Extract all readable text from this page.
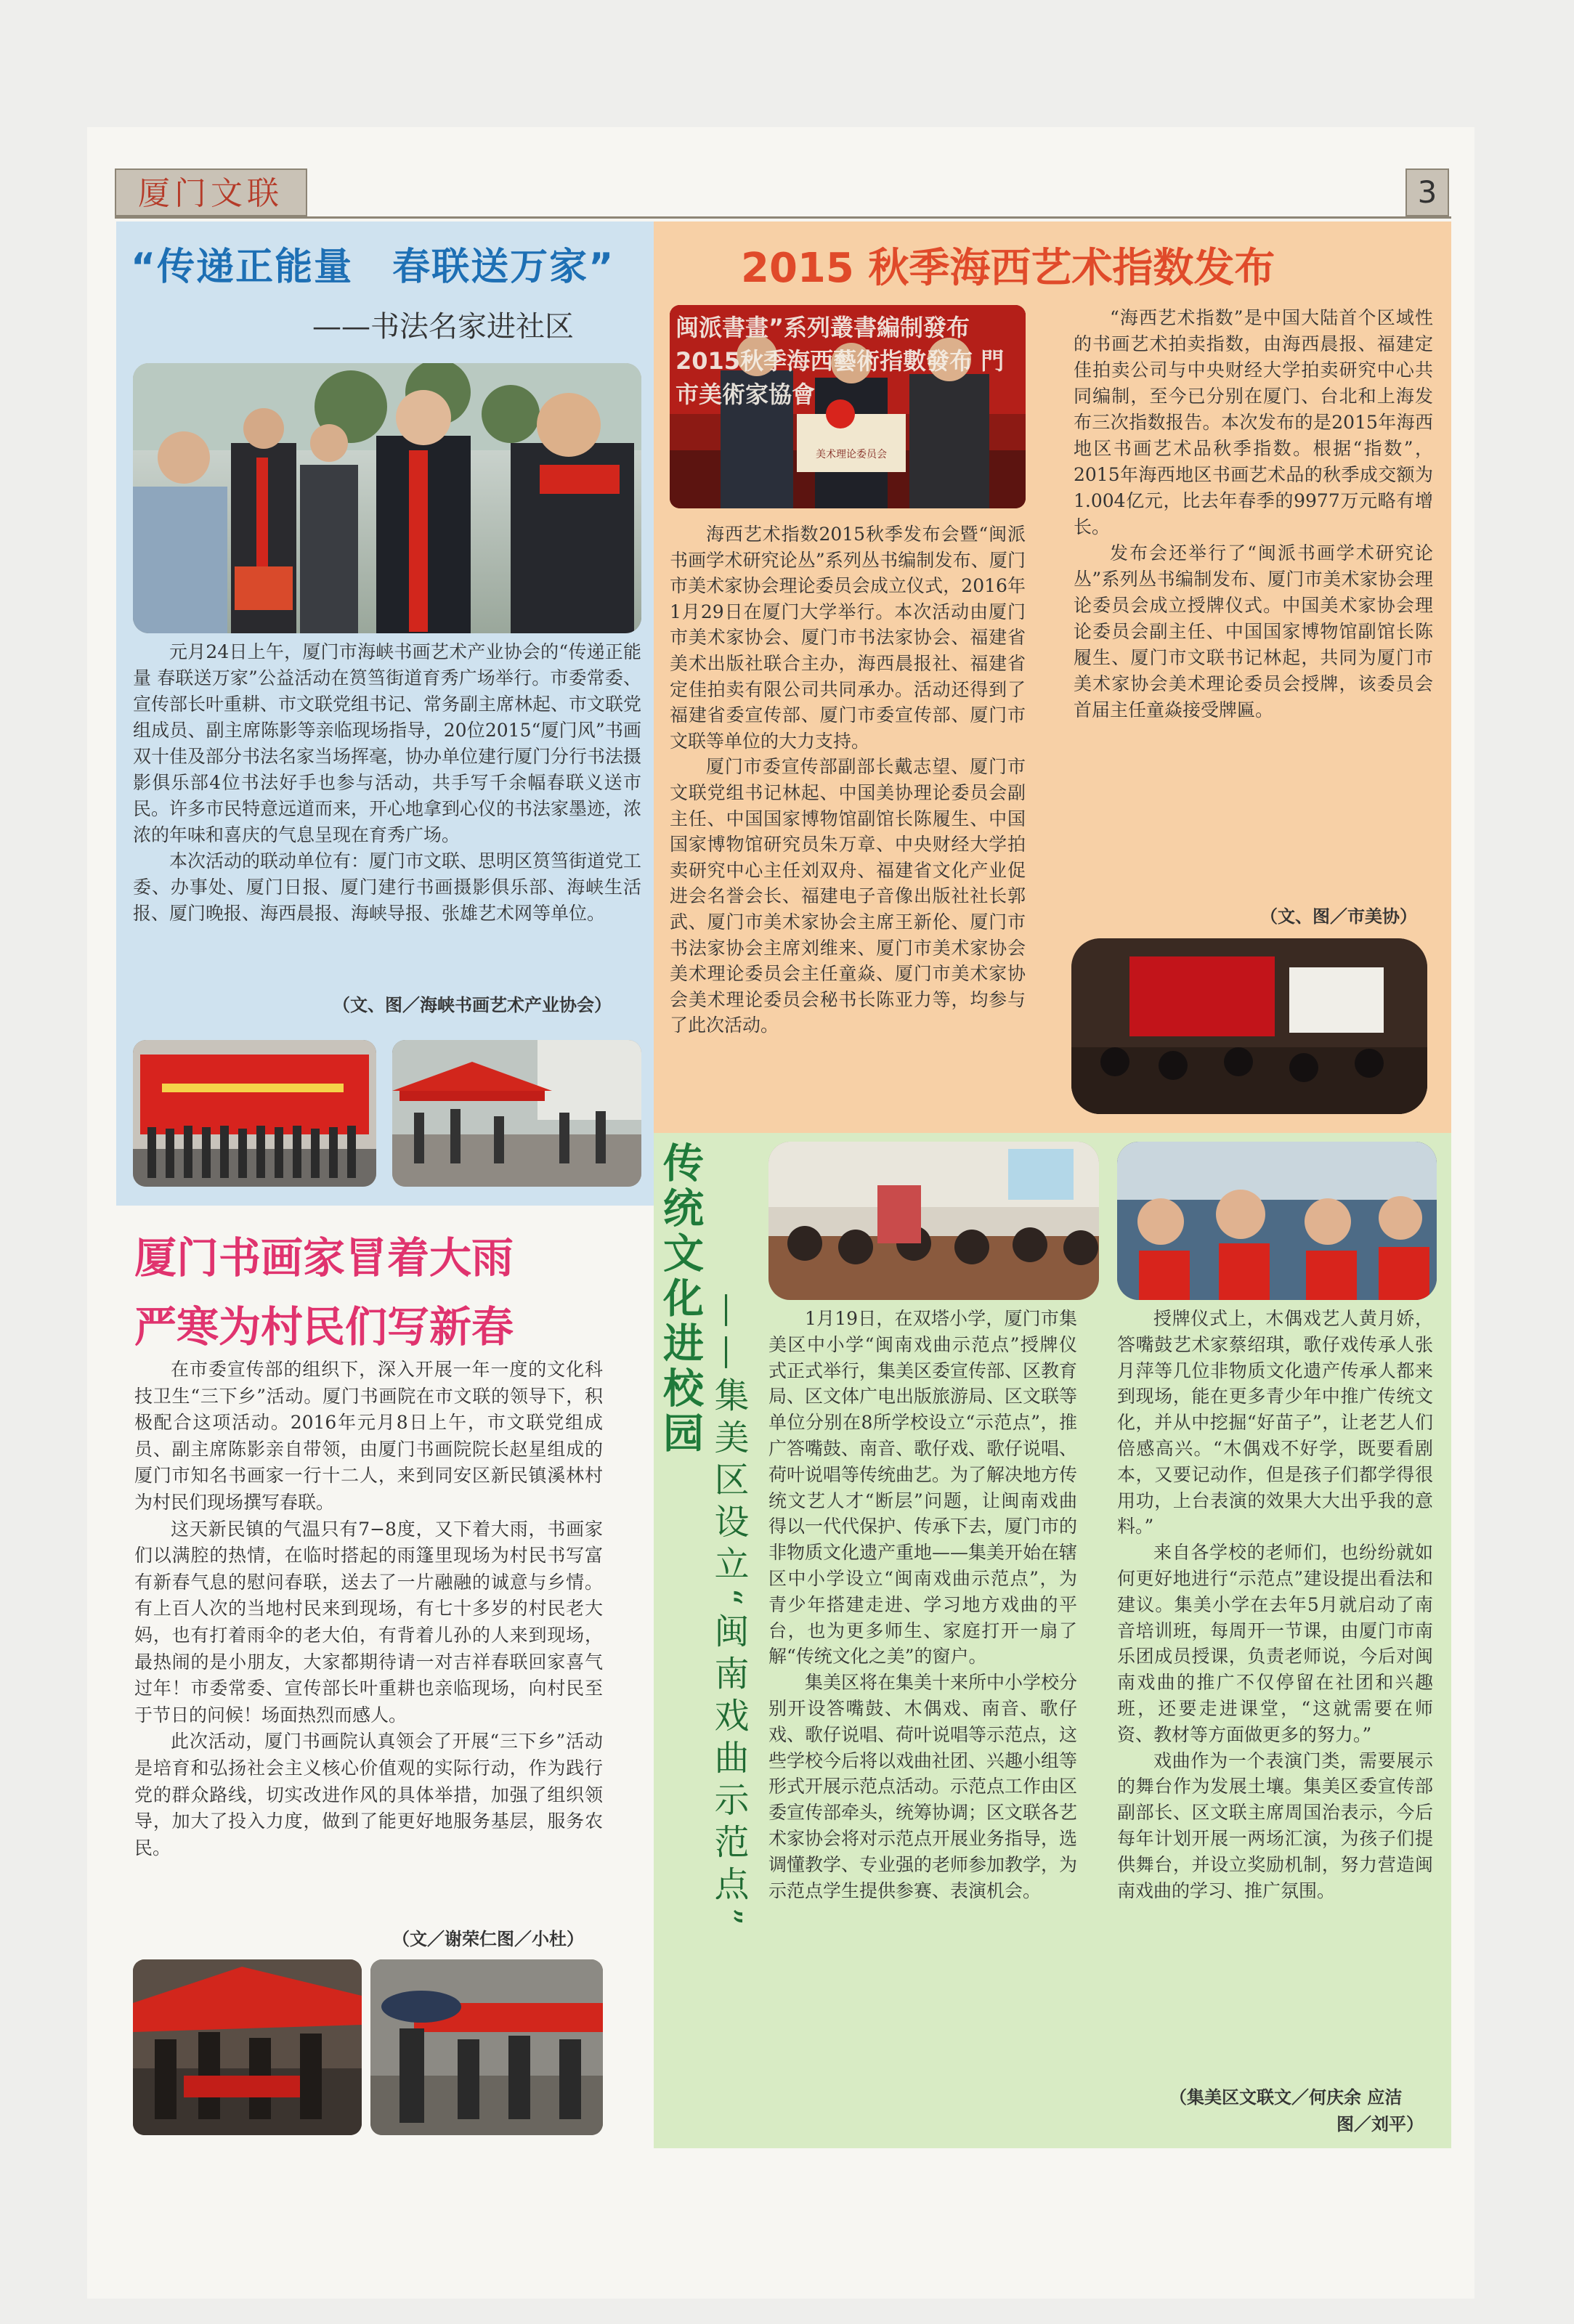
厦门文联	3
“传递正能量　春联送万家”
——书法名家进社区

元月24日上午，厦门市海峡书画艺术产业协会的“传递正能量 春联送万家”公益活动在筼筜街道育秀广场举行。市委常委、宣传部长叶重耕、市文联党组书记、常务副主席林起、市文联党组成员、副主席陈影等亲临现场指导，20位2015“厦门风”书画双十佳及部分书法名家当场挥毫，协办单位建行厦门分行书法摄影俱乐部4位书法好手也参与活动，共手写千余幅春联义送市民。许多市民特意远道而来，开心地拿到心仪的书法家墨迹，浓浓的年味和喜庆的气息呈现在育秀广场。

本次活动的联动单位有：厦门市文联、思明区筼筜街道党工委、办事处、厦门日报、厦门建行书画摄影俱乐部、海峡生活报、厦门晚报、海西晨报、海峡导报、张雄艺术网等单位。

（文、图／海峡书画艺术产业协会）
2015 秋季海西艺术指数发布
闽派書畫”系列叢書編制發布 2015秋季海西藝術指數發布 門市美術家協會
美术理论委员会

海西艺术指数2015秋季发布会暨“闽派书画学术研究论丛”系列丛书编制发布、厦门市美术家协会理论委员会成立仪式，2016年1月29日在厦门大学举行。本次活动由厦门市美术家协会、厦门市书法家协会、福建省美术出版社联合主办，海西晨报社、福建省定佳拍卖有限公司共同承办。活动还得到了福建省委宣传部、厦门市委宣传部、厦门市文联等单位的大力支持。

厦门市委宣传部副部长戴志望、厦门市文联党组书记林起、中国美协理论委员会副主任、中国国家博物馆副馆长陈履生、中国国家博物馆研究员朱万章、中央财经大学拍卖研究中心主任刘双舟、福建省文化产业促进会名誉会长、福建电子音像出版社社长郭武、厦门市美术家协会主席王新伦、厦门市书法家协会主席刘维来、厦门市美术家协会美术理论委员会主任童焱、厦门市美术家协会美术理论委员会秘书长陈亚力等，均参与了此次活动。

“海西艺术指数”是中国大陆首个区域性的书画艺术拍卖指数，由海西晨报、福建定佳拍卖公司与中央财经大学拍卖研究中心共同编制，至今已分别在厦门、台北和上海发布三次指数报告。本次发布的是2015年海西地区书画艺术品秋季指数。根据“指数”，2015年海西地区书画艺术品的秋季成交额为1.004亿元，比去年春季的9977万元略有增长。

发布会还举行了“闽派书画学术研究论丛”系列丛书编制发布、厦门市美术家协会理论委员会成立授牌仪式。中国美术家协会理论委员会副主任、中国国家博物馆副馆长陈履生、厦门市文联书记林起，共同为厦门市美术家协会美术理论委员会授牌，该委员会首届主任童焱接受牌匾。

（文、图／市美协）
厦门书画家冒着大雨
严寒为村民们写新春

在市委宣传部的组织下，深入开展一年一度的文化科技卫生“三下乡”活动。厦门书画院在市文联的领导下，积极配合这项活动。2016年元月8日上午，市文联党组成员、副主席陈影亲自带领，由厦门书画院院长赵星组成的厦门市知名书画家一行十二人，来到同安区新民镇溪林村为村民们现场撰写春联。

这天新民镇的气温只有7−8度，又下着大雨，书画家们以满腔的热情，在临时搭起的雨篷里现场为村民书写富有新春气息的慰问春联，送去了一片融融的诚意与乡情。有上百人次的当地村民来到现场，有七十多岁的村民老大妈，也有打着雨伞的老大伯，有背着儿孙的人来到现场，最热闹的是小朋友，大家都期待请一对吉祥春联回家喜气过年！市委常委、宣传部长叶重耕也亲临现场，向村民至于节日的问候！场面热烈而感人。

此次活动，厦门书画院认真领会了开展“三下乡”活动是培育和弘扬社会主义核心价值观的实际行动，作为践行党的群众路线，切实改进作风的具体举措，加强了组织领导，加大了投入力度，做到了能更好地服务基层，服务农民。

（文／谢荣仁图／小杜）
传统文化进校园 ——集美区设立“闽南戏曲示范点”	1月19日，在双塔小学，厦门市集美区中小学“闽南戏曲示范点”授牌仪式正式举行，集美区委宣传部、区教育局、区文体广电出版旅游局、区文联等单位分别在8所学校设立“示范点”，推广答嘴鼓、南音、歌仔戏、歌仔说唱、荷叶说唱等传统曲艺。为了解决地方传统文艺人才“断层”问题，让闽南戏曲得以一代代保护、传承下去，厦门市的非物质文化遗产重地——集美开始在辖区中小学设立“闽南戏曲示范点”，为青少年搭建走进、学习地方戏曲的平台，也为更多师生、家庭打开一扇了解“传统文化之美”的窗户。

集美区将在集美十来所中小学校分别开设答嘴鼓、木偶戏、南音、歌仔戏、歌仔说唱、荷叶说唱等示范点，这些学校今后将以戏曲社团、兴趣小组等形式开展示范点活动。示范点工作由区委宣传部牵头，统筹协调；区文联各艺术家协会将对示范点开展业务指导，选调懂教学、专业强的老师参加教学，为示范点学生提供参赛、表演机会。

授牌仪式上，木偶戏艺人黄月娇，答嘴鼓艺术家蔡绍琪，歌仔戏传承人张月萍等几位非物质文化遗产传承人都来到现场，能在更多青少年中推广传统文化，并从中挖掘“好苗子”，让老艺人们倍感高兴。“木偶戏不好学，既要看剧本，又要记动作，但是孩子们都学得很用功，上台表演的效果大大出乎我的意料。”

来自各学校的老师们，也纷纷就如何更好地进行“示范点”建设提出看法和建议。集美小学在去年5月就启动了南音培训班，每周开一节课，由厦门市南乐团成员授课，负责老师说，今后对闽南戏曲的推广不仅停留在社团和兴趣班，还要走进课堂，“这就需要在师资、教材等方面做更多的努力。”

戏曲作为一个表演门类，需要展示的舞台作为发展土壤。集美区委宣传部副部长、区文联主席周国治表示，今后每年计划开展一两场汇演，为孩子们提供舞台，并设立奖励机制，努力营造闽南戏曲的学习、推广氛围。

（集美区文联文／何庆余 应洁
图／刘平）
